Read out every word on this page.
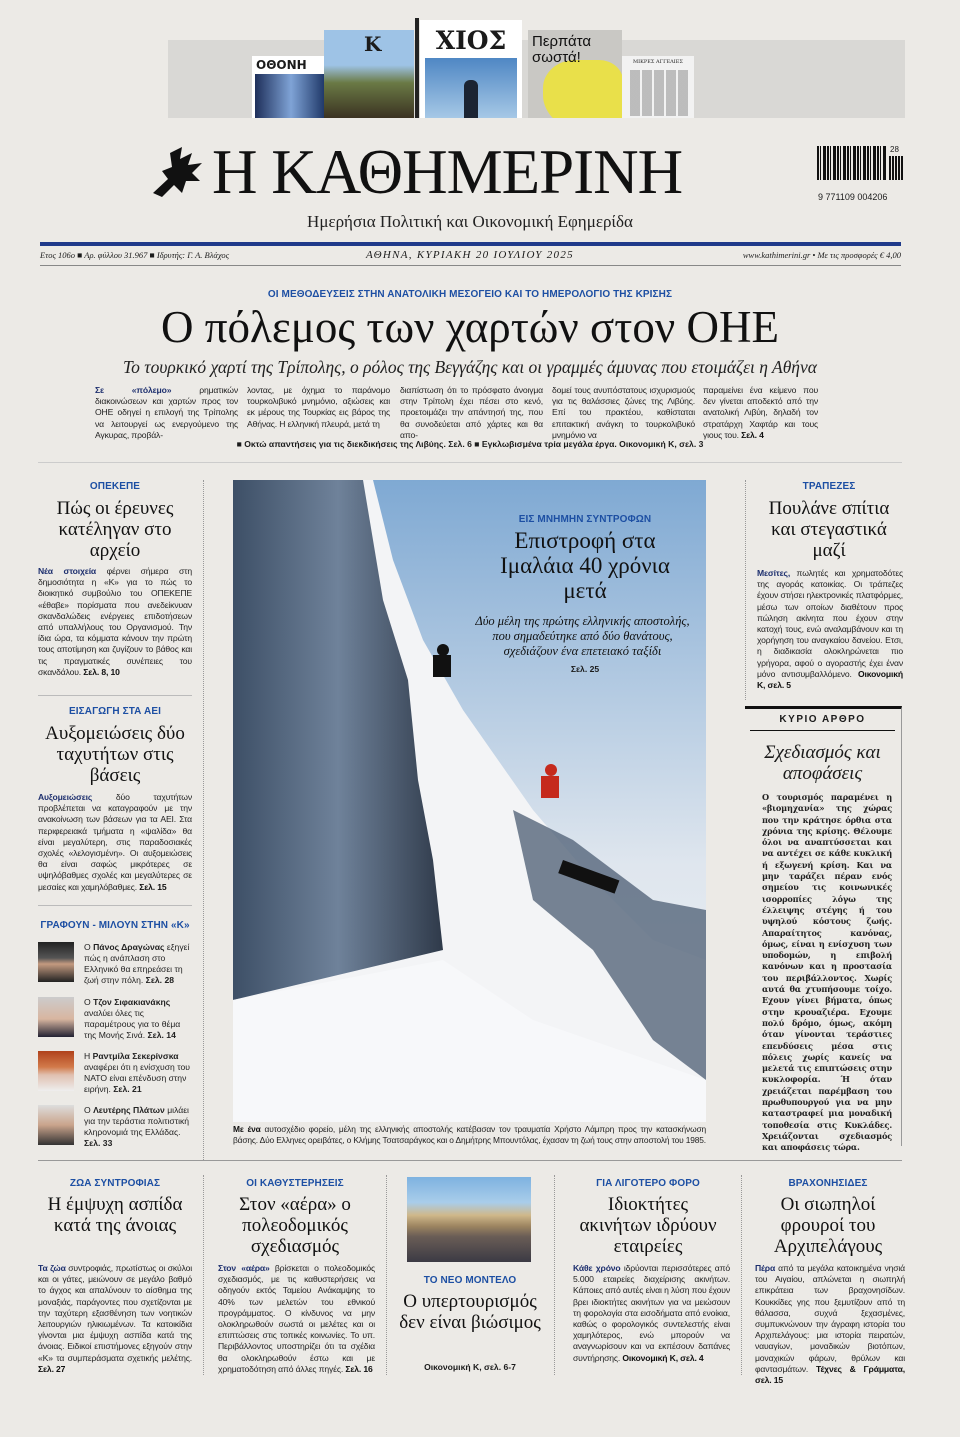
ΟΘΟΝΗ
Κ	ΧΙΟΣ	Περπάτα σωστά!	ΜΙΚΡΕΣ ΑΓΓΕΛΙΕΣ
Η ΚΑΘΗΜΕΡΙΝΗ
Ημερήσια Πολιτική και Οικονομική Εφημερίδα
28
9 771109 004206
Ετος 106ο ■ Αρ. φύλλου 31.967 ■ Ιδρυτής: Γ. Α. Βλάχος	ΑΘΗΝΑ, ΚΥΡΙΑΚΗ 20 ΙΟΥΛΙΟΥ 2025	www.kathimerini.gr • Με τις προσφορές € 4,00
ΟΙ ΜΕΘΟΔΕΥΣΕΙΣ ΣΤΗΝ ΑΝΑΤΟΛΙΚΗ ΜΕΣΟΓΕΙΟ ΚΑΙ ΤΟ ΗΜΕΡΟΛΟΓΙΟ ΤΗΣ ΚΡΙΣΗΣ
Ο πόλεμος των χαρτών στον ΟΗΕ
Το τουρκικό χαρτί της Τρίπολης, ο ρόλος της Βεγγάζης και οι γραμμές άμυνας που ετοιμάζει η Αθήνα
Σε «πόλεμο»	ρηματικών διακοινώσεων και χαρτών προς τον ΟΗΕ οδηγεί η επιλογή της Τρίπολης να λειτουργεί ως ενεργούμενο της Αγκυρας, προβάλ-
λοντας, με όχημα το παράνομο τουρκολιβυκό μνημόνιο, αξιώσεις και εκ μέρους της Τουρκίας εις βάρος της Αθήνας. Η ελληνική πλευρά, μετά τη
διαπίστωση ότι το πρόσφατο άνοιγμα στην Τρίπολη έχει πέσει στο κενό, προετοιμάζει την απάντησή της, που θα συνοδεύεται από χάρτες και θα απο-
δομεί τους ανυπόστατους ισχυρισμούς για τις θαλάσσιες ζώνες της Λιβύης. Επί του πρακτέου, καθίσταται επιτακτική ανάγκη το τουρκολιβυκό μνημόνιο να
παραμείνει ένα κείμενο που δεν γίνεται αποδεκτό από την ανατολική Λιβύη, δηλαδή τον στρατάρχη Χαφτάρ και τους γιους του. Σελ. 4
■ Οκτώ απαντήσεις για τις διεκδικήσεις της Λιβύης. Σελ. 6 ■ Εγκλωβισμένα τρία μεγάλα έργα. Οικονομική Κ, σελ. 3
ΟΠΕΚΕΠΕ
Πώς οι έρευνες κατέληγαν στο αρχείο
Νέα στοιχεία φέρνει σήμερα στη δημοσιότητα η «Κ» για το πώς το διοικητικό συμβούλιο του ΟΠΕΚΕΠΕ «έθαβε» πορίσματα που ανεδείκνυαν σκανδαλώδεις ενέργειες επιδοτήσεων από υπαλλήλους του Οργανισμού. Την ίδια ώρα, τα κόμματα κάνουν την πρώτη τους αποτίμηση και ζυγίζουν το βάθος και τις πραγματικές συνέπειες του σκανδάλου. Σελ. 8, 10
ΕΙΣΑΓΩΓΗ ΣΤΑ ΑΕΙ
Αυξομειώσεις δύο ταχυτήτων στις βάσεις
Αυξομειώσεις	δύο ταχυτήτων προβλέπεται να καταγραφούν με την ανακοίνωση των βάσεων για τα ΑΕΙ. Στα περιφερειακά τμήματα η «ψαλίδα» θα είναι μεγαλύτερη, στις παραδοσιακές σχολές «λελογισμένη». Οι αυξομειώσεις θα είναι σαφώς μικρότερες σε υψηλόβαθμες σχολές και μεγαλύτερες σε μεσαίες και χαμηλόβαθμες. Σελ. 15
ΓΡΑΦΟΥΝ - ΜΙΛΟΥΝ ΣΤΗΝ «Κ»
Ο Πάνος Δραγώνας εξηγεί πώς η ανάπλαση στο Ελληνικό θα επηρεάσει τη ζωή στην πόλη. Σελ. 28
Ο Τζον Σιφακιανάκης αναλύει όλες τις παραμέτρους για το θέμα της Μονής Σινά. Σελ. 14
Η Ραντμίλα Σεκερίνσκα αναφέρει ότι η ενίσχυση του ΝΑΤΟ είναι επένδυση στην ειρήνη. Σελ. 21
Ο Λευτέρης Πλάτων μιλάει για την τεράστια πολιτιστική κληρονομιά της Ελλάδας. Σελ. 33
ΕΙΣ ΜΝΗΜΗΝ ΣΥΝΤΡΟΦΩΝ
Επιστροφή στα Ιμαλάια 40 χρόνια μετά
Δύο μέλη της πρώτης ελληνικής αποστολής, που σημαδεύτηκε από δύο θανάτους, σχεδιάζουν ένα επετειακό ταξίδι
Σελ. 25
Με ένα αυτοσχέδιο φορείο, μέλη της ελληνικής αποστολής κατέβασαν τον τραυματία Χρήστο Λάμπρη προς την κατασκήνωση βάσης. Δύο Ελληνες ορειβάτες, ο Κλήμης Τσατσαράγκος και ο Δημήτρης Μπουντόλας, έχασαν τη ζωή τους στην αποστολή του 1985.
ΤΡΑΠΕΖΕΣ
Πουλάνε σπίτια και στεγαστικά μαζί
Μεσίτες, πωλητές και χρηματοδότες της αγοράς κατοικίας. Οι τράπεζες έχουν στήσει ηλεκτρονικές πλατφόρμες, μέσω των οποίων διαθέτουν προς πώληση ακίνητα που έχουν στην κατοχή τους, ενώ αναλαμβάνουν και τη χορήγηση του αναγκαίου δανείου. Ετσι, η διαδικασία ολοκληρώνεται πιο γρήγορα, αφού ο αγοραστής έχει έναν μόνο αντισυμβαλλόμενο. Οικονομική Κ, σελ. 5
ΚΥΡΙΟ ΑΡΘΡΟ
Σχεδιασμός και αποφάσεις
Ο τουρισμός παραμένει η «βιομηχανία» της χώρας που την κράτησε όρθια στα χρόνια της κρίσης. Θέλουμε όλοι να αναπτύσσεται και να αντέχει σε κάθε κυκλική ή εξωγενή κρίση. Και να μην ταράζει πέραν ενός σημείου τις κοινωνικές ισορροπίες λόγω της έλλειψης στέγης ή του υψηλού κόστους ζωής. Απαραίτητος κανόνας, όμως, είναι η ενίσχυση των υποδομών, η επιβολή κανόνων και η προστασία του περιβάλλοντος. Χωρίς αυτά θα χτυπήσουμε τοίχο. Εχουν γίνει βήματα, όπως στην κρουαζιέρα. Εχουμε πολύ δρόμο, όμως, ακόμη όταν γίνονται τεράστιες επενδύσεις μέσα στις πόλεις χωρίς κανείς να μελετά τις επιπτώσεις στην κυκλοφορία. Ή όταν χρειάζεται παρέμβαση του πρωθυπουργού για να μην καταστραφεί μια μοναδική τοποθεσία στις Κυκλάδες. Χρειάζονται σχεδιασμός και αποφάσεις τώρα.
ΖΩΑ ΣΥΝΤΡΟΦΙΑΣ
Η έμψυχη ασπίδα κατά της άνοιας
Τα ζώα συντροφιάς, πρωτίστως οι σκύλοι και οι γάτες, μειώνουν σε μεγάλο βαθμό το άγχος και απαλύνουν το αίσθημα της μοναξιάς, παράγοντες που σχετίζονται με την ταχύτερη εξασθένηση των νοητικών λειτουργιών ηλικιωμένων. Τα κατοικίδια γίνονται μια έμψυχη ασπίδα κατά της άνοιας. Ειδικοί επιστήμονες εξηγούν στην «Κ» τα συμπεράσματα σχετικής μελέτης. Σελ. 27
ΟΙ ΚΑΘΥΣΤΕΡΗΣΕΙΣ
Στον «αέρα» ο πολεοδομικός σχεδιασμός
Στον «αέρα» βρίσκεται ο πολεοδομικός σχεδιασμός, με τις καθυστερήσεις να οδηγούν εκτός Ταμείου Ανάκαμψης το 40% των μελετών του εθνικού προγράμματος. Ο κίνδυνος να μην ολοκληρωθούν σωστά οι μελέτες και οι επιπτώσεις στις τοπικές κοινωνίες. Το υπ. Περιβάλλοντος υποστηρίζει ότι τα σχέδια θα ολοκληρωθούν έστω και με χρηματοδότηση από άλλες πηγές. Σελ. 16
ΤΟ ΝΕΟ ΜΟΝΤΕΛΟ
Ο υπερτουρισμός δεν είναι βιώσιμος
Οικονομική Κ, σελ. 6-7
ΓΙΑ ΛΙΓΟΤΕΡΟ ΦΟΡΟ
Ιδιοκτήτες ακινήτων ιδρύουν εταιρείες
Κάθε χρόνο ιδρύονται περισσότερες από 5.000 εταιρείες διαχείρισης ακινήτων. Κάποιες από αυτές είναι η λύση που έχουν βρει ιδιοκτήτες ακινήτων για να μειώσουν τη φορολογία στα εισοδήματα από ενοίκια, καθώς ο φορολογικός συντελεστής είναι χαμηλότερος, ενώ μπορούν να αναγνωρίσουν και να εκπέσουν δαπάνες συντήρησης. Οικονομική Κ, σελ. 4
ΒΡΑΧΟΝΗΣΙΔΕΣ
Οι σιωπηλοί φρουροί του Αρχιπελάγους
Πέρα από τα μεγάλα κατοικημένα νησιά του Αιγαίου, απλώνεται η σιωπηλή επικράτεια των βραχονησίδων. Κουκκίδες γης που ξεμυτίζουν από τη θάλασσα, συχνά ξεχασμένες, συμπυκνώνουν την άγραφη ιστορία του Αρχιπελάγους: μια ιστορία πειρατών, ναυαγίων, μοναδικών βιοτόπων, μοναχικών φάρων, θρύλων και φαντασμάτων. Τέχνες & Γράμματα, σελ. 15
